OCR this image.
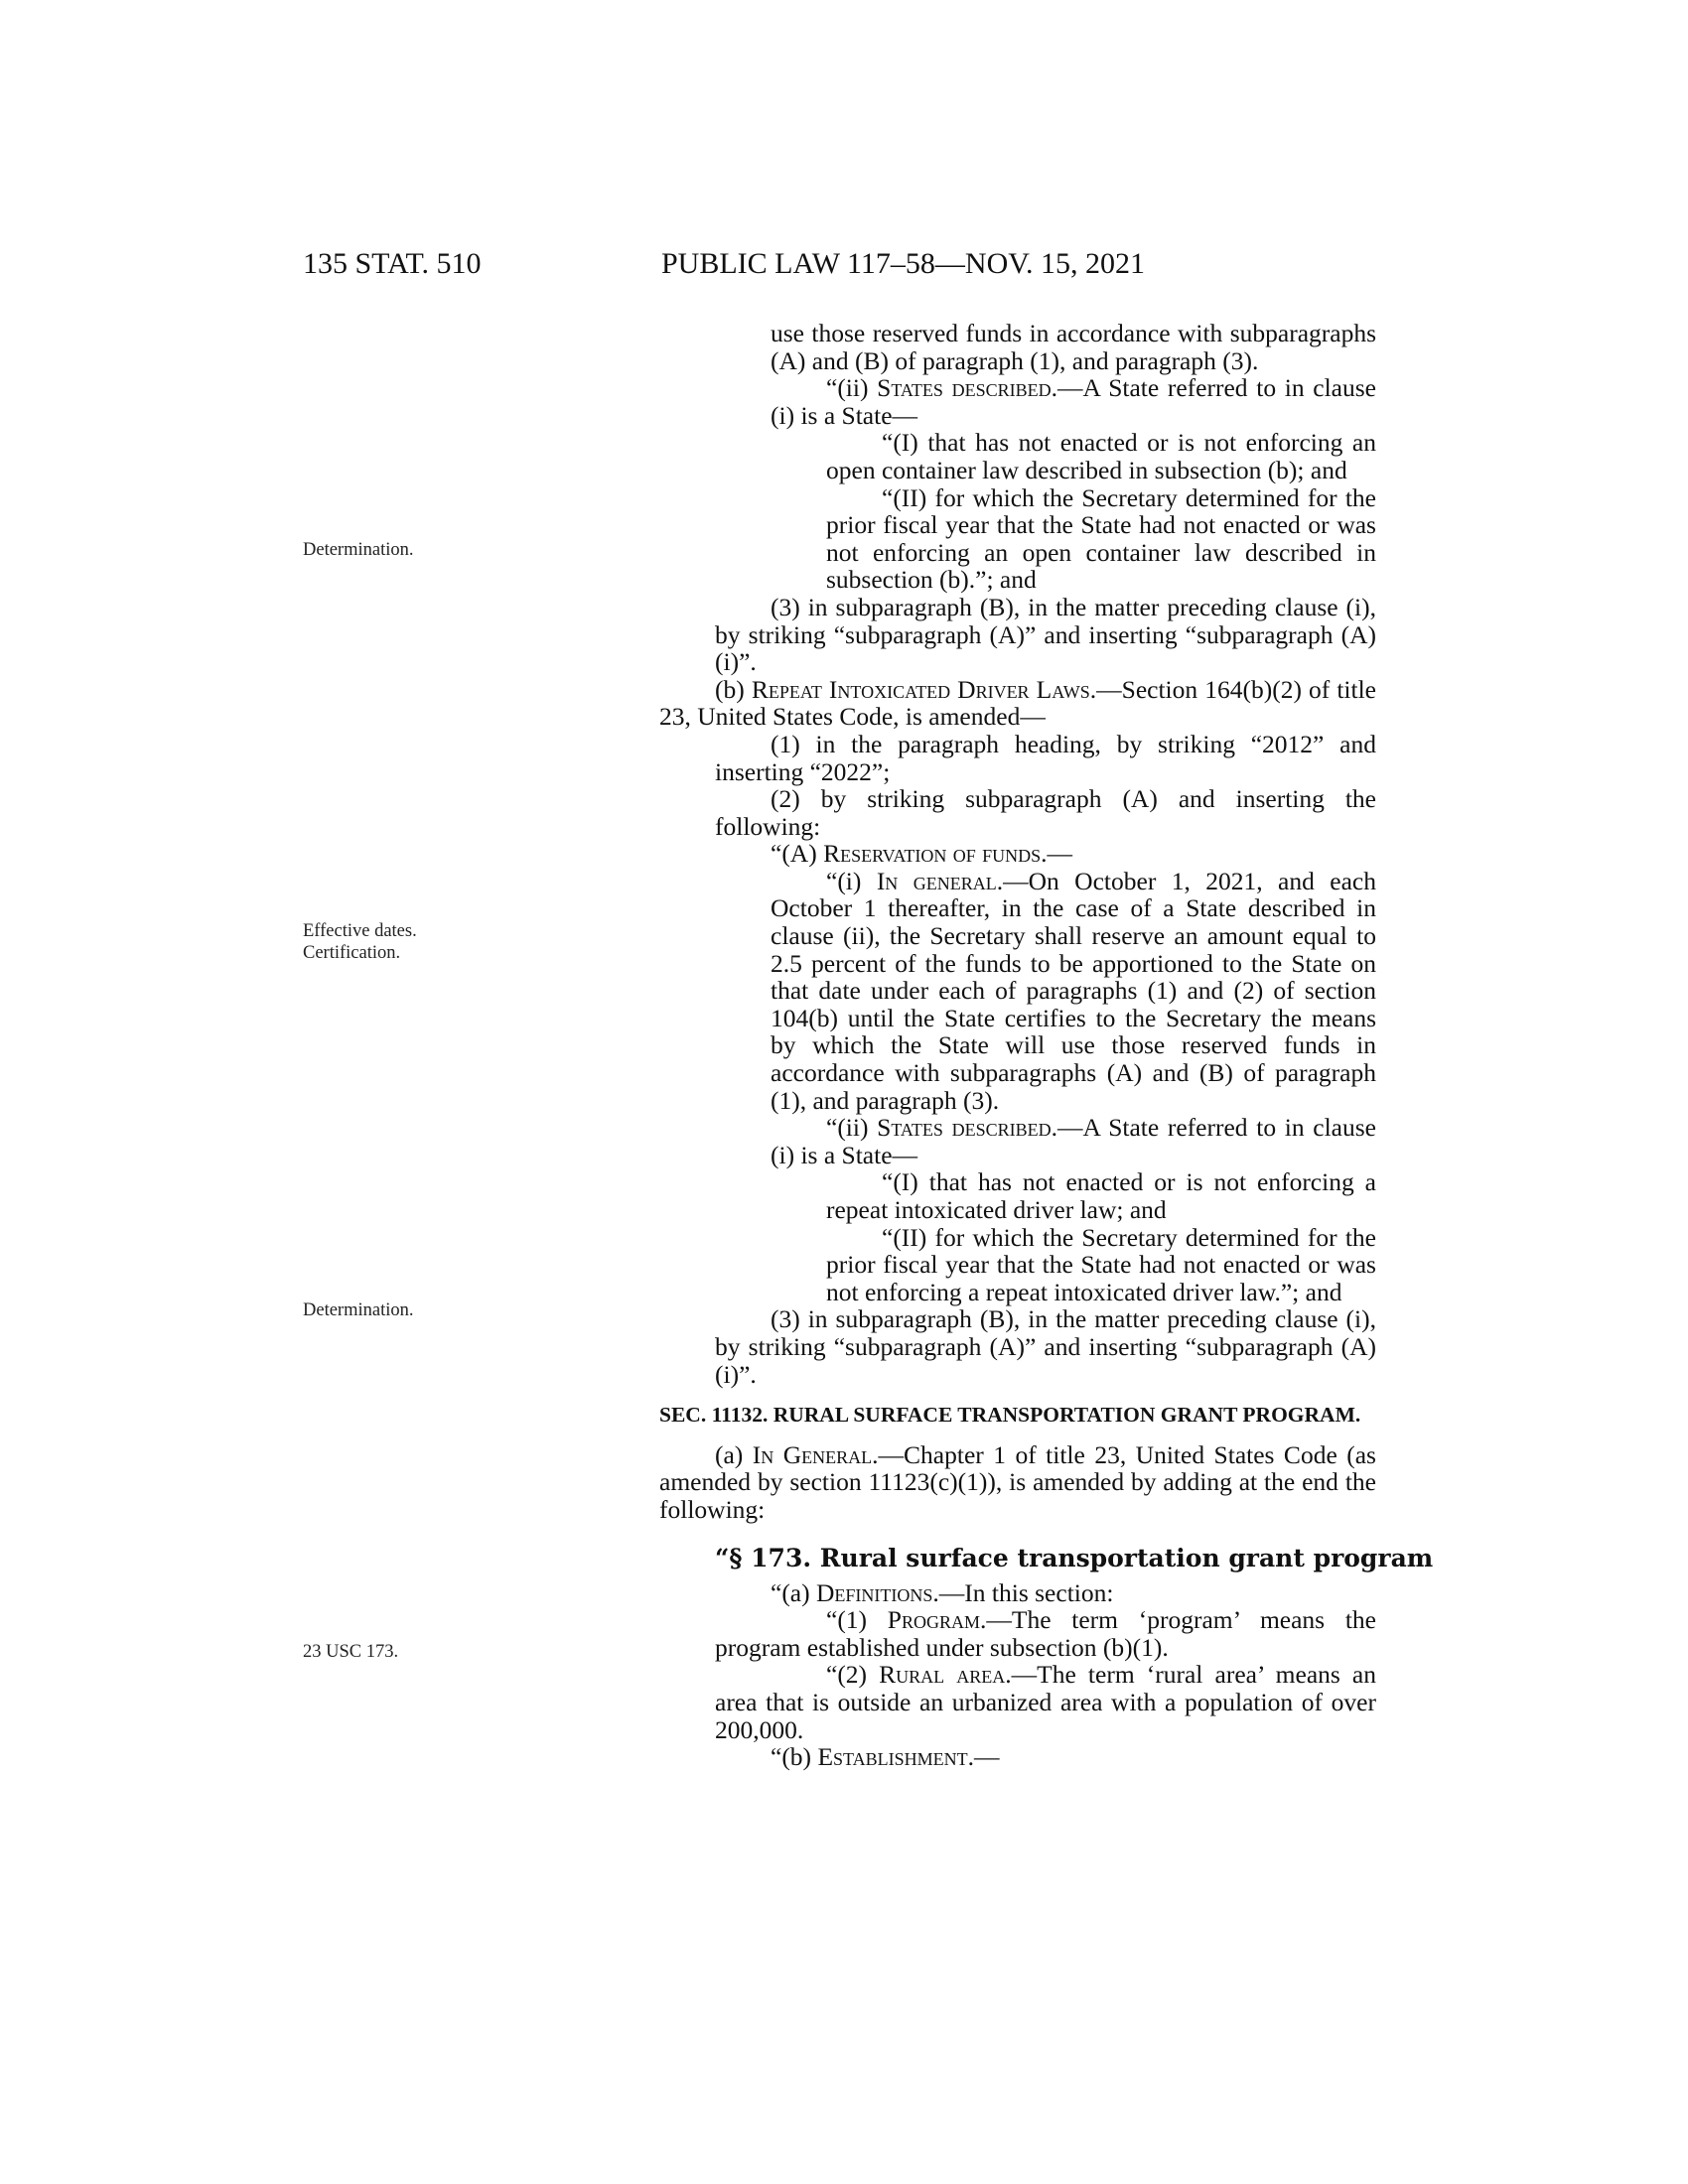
135 STAT. 510	PUBLIC LAW 117–58—NOV. 15, 2021
Determination.
Effective dates.
Certification.
Determination.
23 USC 173.

use those reserved funds in accordance with subparagraphs (A) and (B) of paragraph (1), and paragraph (3).

“(ii) States described.—A State referred to in clause (i) is a State—

“(I) that has not enacted or is not enforcing an open container law described in subsection (b); and

“(II) for which the Secretary determined for the prior fiscal year that the State had not enacted or was not enforcing an open container law described in subsection (b).”; and

(3) in subparagraph (B), in the matter preceding clause (i), by striking “subparagraph (A)” and inserting “subparagraph (A)(i)”.

(b) Repeat Intoxicated Driver Laws.—Section 164(b)(2) of title 23, United States Code, is amended—

(1) in the paragraph heading, by striking “2012” and inserting “2022”;

(2) by striking subparagraph (A) and inserting the following:

“(A) Reservation of funds.—

“(i) In general.—On October 1, 2021, and each October 1 thereafter, in the case of a State described in clause (ii), the Secretary shall reserve an amount equal to 2.5 percent of the funds to be apportioned to the State on that date under each of paragraphs (1) and (2) of section 104(b) until the State certifies to the Secretary the means by which the State will use those reserved funds in accordance with subparagraphs (A) and (B) of paragraph (1), and paragraph (3).

“(ii) States described.—A State referred to in clause (i) is a State—

“(I) that has not enacted or is not enforcing a repeat intoxicated driver law; and

“(II) for which the Secretary determined for the prior fiscal year that the State had not enacted or was not enforcing a repeat intoxicated driver law.”; and

(3) in subparagraph (B), in the matter preceding clause (i), by striking “subparagraph (A)” and inserting “subparagraph (A)(i)”.

SEC. 11132. RURAL SURFACE TRANSPORTATION GRANT PROGRAM.

(a) In General.—Chapter 1 of title 23, United States Code (as amended by section 11123(c)(1)), is amended by adding at the end the following:

“§ 173. Rural surface transportation grant program

“(a) Definitions.—In this section:

“(1) Program.—The term ‘program’ means the program established under subsection (b)(1).

“(2) Rural area.—The term ‘rural area’ means an area that is outside an urbanized area with a population of over 200,000.

“(b) Establishment.—
